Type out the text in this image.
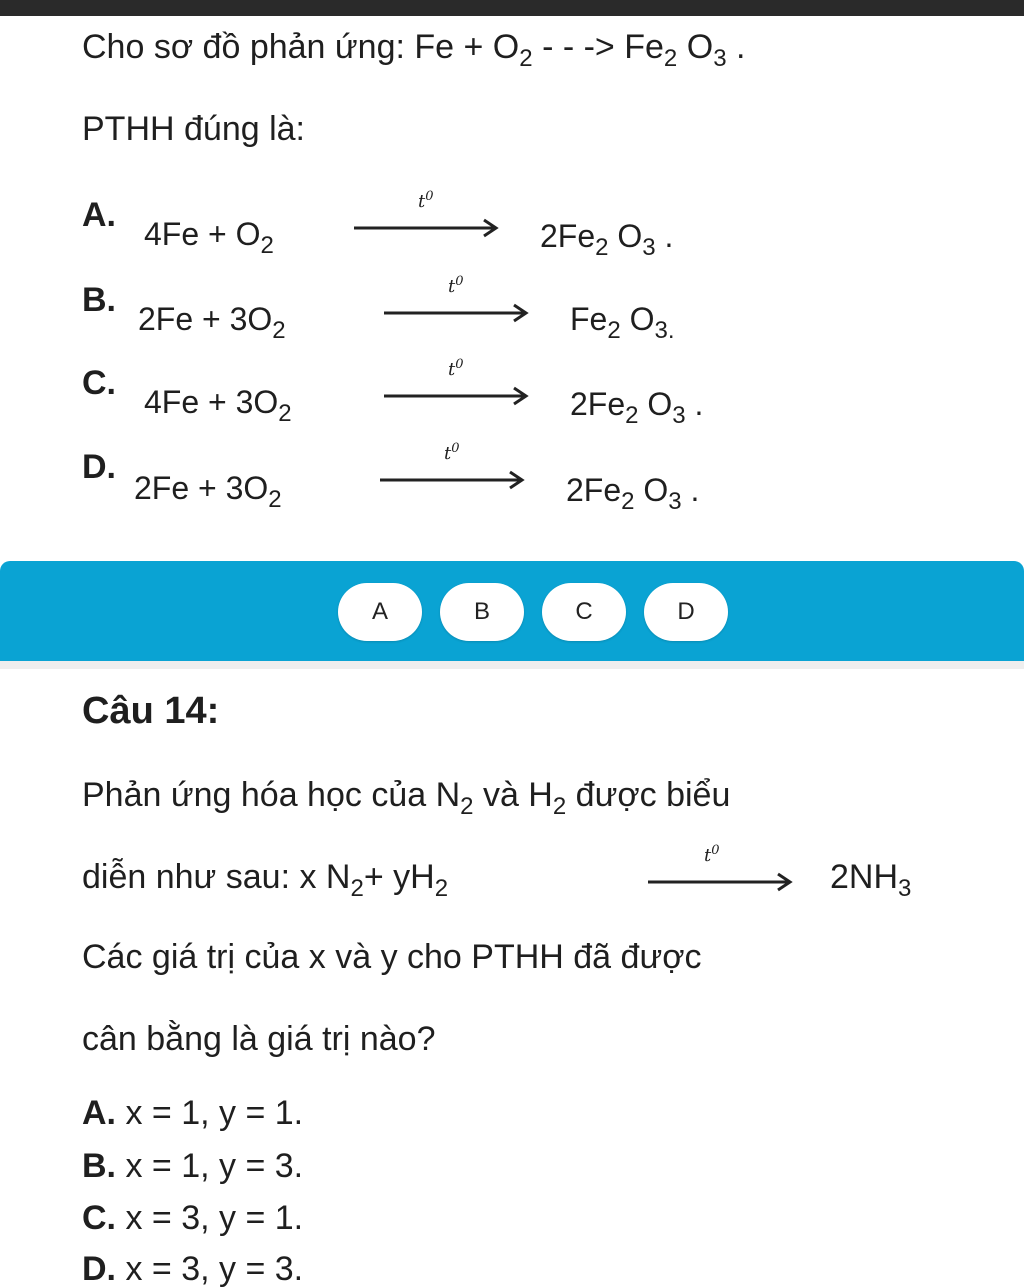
Cho sơ đồ phản ứng: $Fe + O_2$ - - -> $Fe_2$ $O_3$ .
PTHH đúng là:
A. $4Fe + O_2$
$t^0$
$2Fe_2$ $O_3$ .
B. $2Fe + 3O_2$
$t^0$
$Fe_2$ $O_{3.}$
C. $4Fe + 3O_2$
$t^0$
$2Fe_2$ $O_3$ .
D.
$2Fe + 3O_2$
$t^0$
$2Fe_2$ $O_3$ .
A	B	C	D
Câu 14:
Phản ứng hóa học của $N_2$ và $H_2$ được biểu
diễn như sau: x $N_2+ yH_2$
$t^0$
$2NH_3$
Các giá trị của x và y cho PTHH đã được
cân bằng là giá trị nào?
A. x = 1, y = 1.
B. x = 1, y = 3.
C. x = 3, y = 1.
D. x = 3, y = 3.
